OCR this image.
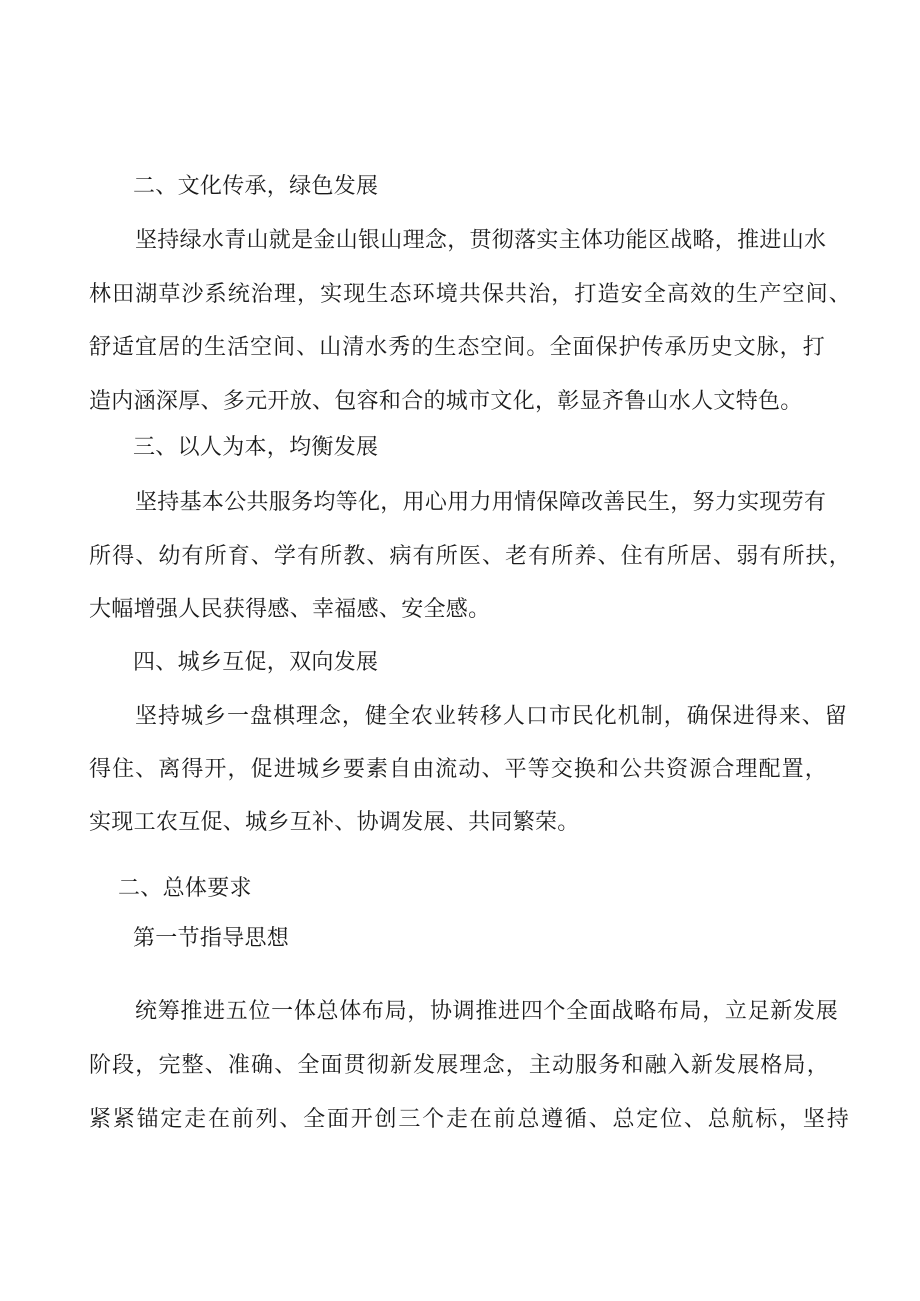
二、文化传承，绿色发展
坚持绿水青山就是金山银山理念，贯彻落实主体功能区战略，推进山水
林田湖草沙系统治理，实现生态环境共保共治，打造安全高效的生产空间、
舒适宜居的生活空间、山清水秀的生态空间。全面保护传承历史文脉，打
造内涵深厚、多元开放、包容和合的城市文化，彰显齐鲁山水人文特色。
三、以人为本，均衡发展
坚持基本公共服务均等化，用心用力用情保障改善民生，努力实现劳有
所得、幼有所育、学有所教、病有所医、老有所养、住有所居、弱有所扶，
大幅增强人民获得感、幸福感、安全感。
四、城乡互促，双向发展
坚持城乡一盘棋理念，健全农业转移人口市民化机制，确保进得来、留
得住、离得开，促进城乡要素自由流动、平等交换和公共资源合理配置，
实现工农互促、城乡互补、协调发展、共同繁荣。
二、总体要求
第一节指导思想
统筹推进五位一体总体布局，协调推进四个全面战略布局，立足新发展
阶段，完整、准确、全面贯彻新发展理念，主动服务和融入新发展格局，
紧紧锚定走在前列、全面开创三个走在前总遵循、总定位、总航标，坚持
